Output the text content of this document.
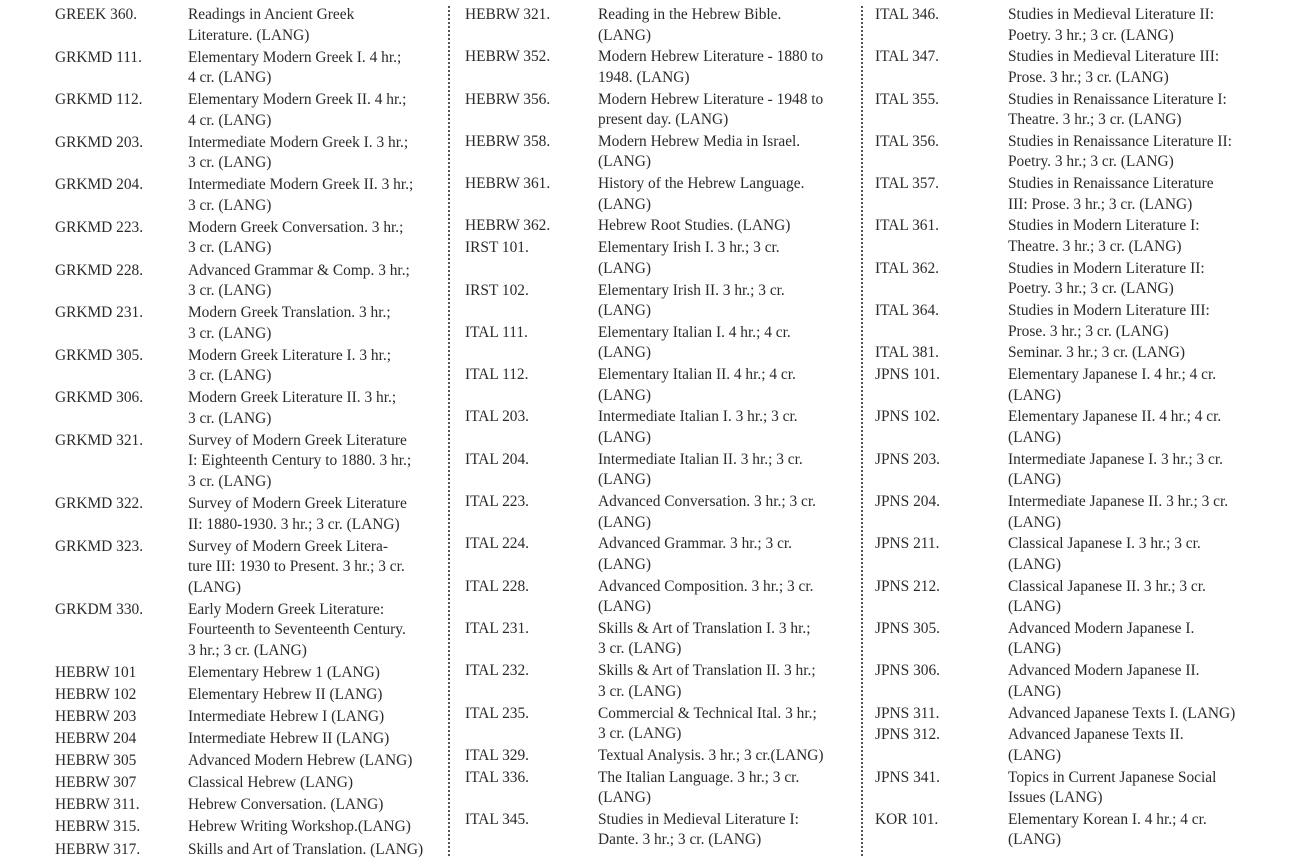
GREEK 360.	Readings in Ancient Greek
Literature. (LANG)
GRKMD 111.	Elementary Modern Greek I. 4 hr.;
4 cr. (LANG)
GRKMD 112.	Elementary Modern Greek II. 4 hr.;
4 cr. (LANG)
GRKMD 203.	Intermediate Modern Greek I. 3 hr.;
3 cr. (LANG)
GRKMD 204.	Intermediate Modern Greek II. 3 hr.;
3 cr. (LANG)
GRKMD 223.	Modern Greek Conversation. 3 hr.;
3 cr. (LANG)
GRKMD 228.	Advanced Grammar & Comp. 3 hr.;
3 cr. (LANG)
GRKMD 231.	Modern Greek Translation. 3 hr.;
3 cr. (LANG)
GRKMD 305.	Modern Greek Literature I. 3 hr.;
3 cr. (LANG)
GRKMD 306.	Modern Greek Literature II. 3 hr.;
3 cr. (LANG)
GRKMD 321.	Survey of Modern Greek Literature
I: Eighteenth Century to 1880. 3 hr.;
3 cr. (LANG)
GRKMD 322.	Survey of Modern Greek Literature
II: 1880-1930. 3 hr.; 3 cr. (LANG)
GRKMD 323.	Survey of Modern Greek Litera-
ture III: 1930 to Present. 3 hr.; 3 cr.
(LANG)
GRKDM 330.	Early Modern Greek Literature:
Fourteenth to Seventeenth Century.
3 hr.; 3 cr. (LANG)
HEBRW 101	Elementary Hebrew 1 (LANG)
HEBRW 102	Elementary Hebrew II (LANG)
HEBRW 203	Intermediate Hebrew I (LANG)
HEBRW 204	Intermediate Hebrew II (LANG)
HEBRW 305	Advanced Modern Hebrew (LANG)
HEBRW 307	Classical Hebrew (LANG)
HEBRW 311.	Hebrew Conversation. (LANG)
HEBRW 315.	Hebrew Writing Workshop.(LANG)
HEBRW 317.	Skills and Art of Translation. (LANG)
HEBRW 321.	Reading in the Hebrew Bible.
(LANG)
HEBRW 352.	Modern Hebrew Literature - 1880 to
1948. (LANG)
HEBRW 356.	Modern Hebrew Literature - 1948 to
present day. (LANG)
HEBRW 358.	Modern Hebrew Media in Israel.
(LANG)
HEBRW 361.	History of the Hebrew Language.
(LANG)
HEBRW 362.	Hebrew Root Studies. (LANG)
IRST 101.	Elementary Irish I. 3 hr.; 3 cr.
(LANG)
IRST 102.	Elementary Irish II. 3 hr.; 3 cr.
(LANG)
ITAL 111.	Elementary Italian I. 4 hr.; 4 cr.
(LANG)
ITAL 112.	Elementary Italian II. 4 hr.; 4 cr.
(LANG)
ITAL 203.	Intermediate Italian I. 3 hr.; 3 cr.
(LANG)
ITAL 204.	Intermediate Italian II. 3 hr.; 3 cr.
(LANG)
ITAL 223.	Advanced Conversation. 3 hr.; 3 cr.
(LANG)
ITAL 224.	Advanced Grammar. 3 hr.; 3 cr.
(LANG)
ITAL 228.	Advanced Composition. 3 hr.; 3 cr.
(LANG)
ITAL 231.	Skills & Art of Translation I. 3 hr.;
3 cr. (LANG)
ITAL 232.	Skills & Art of Translation II. 3 hr.;
3 cr. (LANG)
ITAL 235.	Commercial & Technical Ital. 3 hr.;
3 cr. (LANG)
ITAL 329.	Textual Analysis. 3 hr.; 3 cr.(LANG)
ITAL 336.	The Italian Language. 3 hr.; 3 cr.
(LANG)
ITAL 345.	Studies in Medieval Literature I:
Dante. 3 hr.; 3 cr. (LANG)
ITAL 346.	Studies in Medieval Literature II:
Poetry. 3 hr.; 3 cr. (LANG)
ITAL 347.	Studies in Medieval Literature III:
Prose. 3 hr.; 3 cr. (LANG)
ITAL 355.	Studies in Renaissance Literature I:
Theatre. 3 hr.; 3 cr. (LANG)
ITAL 356.	Studies in Renaissance Literature II:
Poetry. 3 hr.; 3 cr. (LANG)
ITAL 357.	Studies in Renaissance Literature
III: Prose. 3 hr.; 3 cr. (LANG)
ITAL 361.	Studies in Modern Literature I:
Theatre. 3 hr.; 3 cr. (LANG)
ITAL 362.	Studies in Modern Literature II:
Poetry. 3 hr.; 3 cr. (LANG)
ITAL 364.	Studies in Modern Literature III:
Prose. 3 hr.; 3 cr. (LANG)
ITAL 381.	Seminar. 3 hr.; 3 cr. (LANG)
JPNS 101.	Elementary Japanese I. 4 hr.; 4 cr.
(LANG)
JPNS 102.	Elementary Japanese II. 4 hr.; 4 cr.
(LANG)
JPNS 203.	Intermediate Japanese I. 3 hr.; 3 cr.
(LANG)
JPNS 204.	Intermediate Japanese II. 3 hr.; 3 cr.
(LANG)
JPNS 211.	Classical Japanese I. 3 hr.; 3 cr.
(LANG)
JPNS 212.	Classical Japanese II. 3 hr.; 3 cr.
(LANG)
JPNS 305.	Advanced Modern Japanese I.
(LANG)
JPNS 306.	Advanced Modern Japanese II.
(LANG)
JPNS 311.	Advanced Japanese Texts I. (LANG)
JPNS 312.	Advanced Japanese Texts II.
(LANG)
JPNS 341.	Topics in Current Japanese Social
Issues (LANG)
KOR 101.	Elementary Korean I. 4 hr.; 4 cr.
(LANG)
